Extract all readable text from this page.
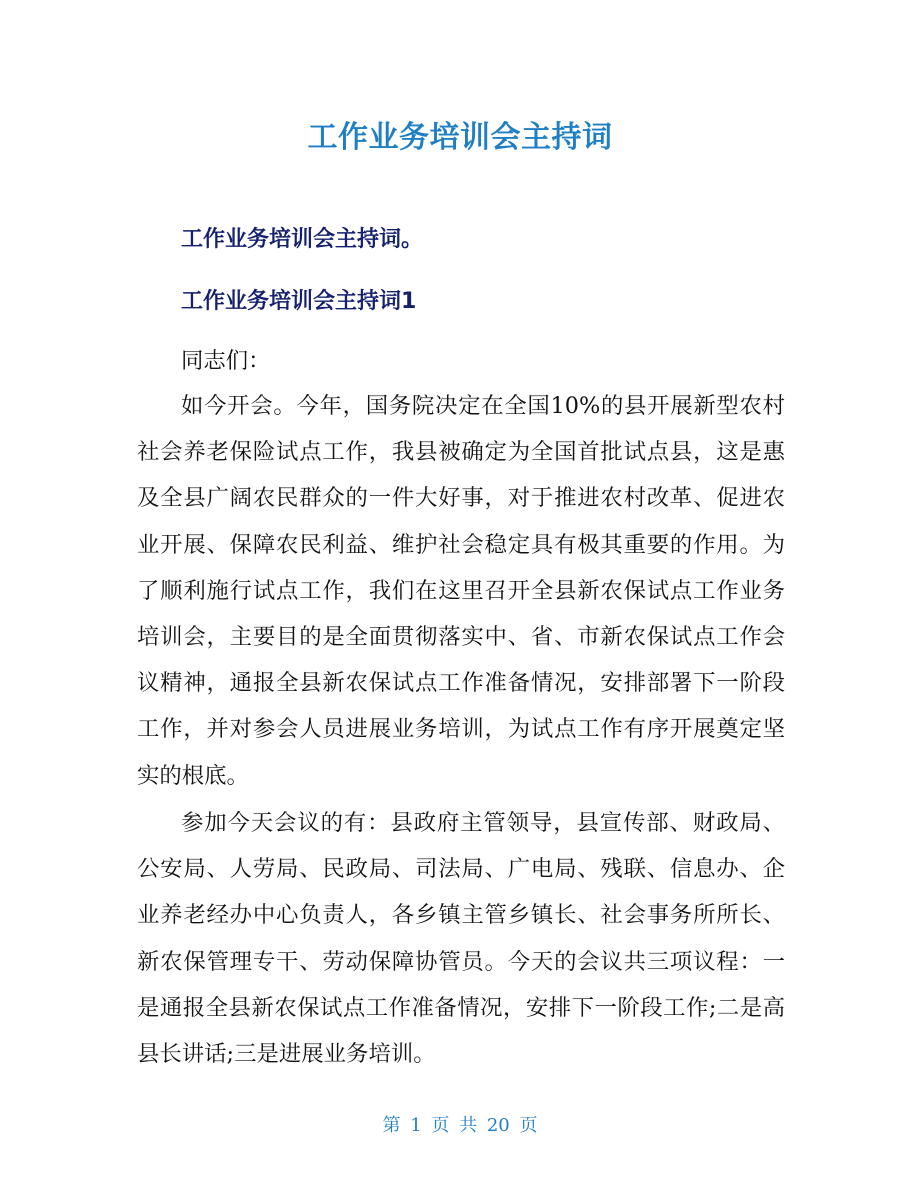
工作业务培训会主持词
工作业务培训会主持词。
工作业务培训会主持词1

同志们：

如今开会。今年，国务院决定在全国10%的县开展新型农村社会养老保险试点工作，我县被确定为全国首批试点县，这是惠及全县广阔农民群众的一件大好事，对于推进农村改革、促进农业开展、保障农民利益、维护社会稳定具有极其重要的作用。为了顺利施行试点工作，我们在这里召开全县新农保试点工作业务培训会，主要目的是全面贯彻落实中、省、市新农保试点工作会议精神，通报全县新农保试点工作准备情况，安排部署下一阶段工作，并对参会人员进展业务培训，为试点工作有序开展奠定坚实的根底。

参加今天会议的有：县政府主管领导，县宣传部、财政局、公安局、人劳局、民政局、司法局、广电局、残联、信息办、企业养老经办中心负责人，各乡镇主管乡镇长、社会事务所所长、新农保管理专干、劳动保障协管员。今天的会议共三项议程：一是通报全县新农保试点工作准备情况，安排下一阶段工作;二是高县长讲话;三是进展业务培训。

第 1 页 共 20 页
